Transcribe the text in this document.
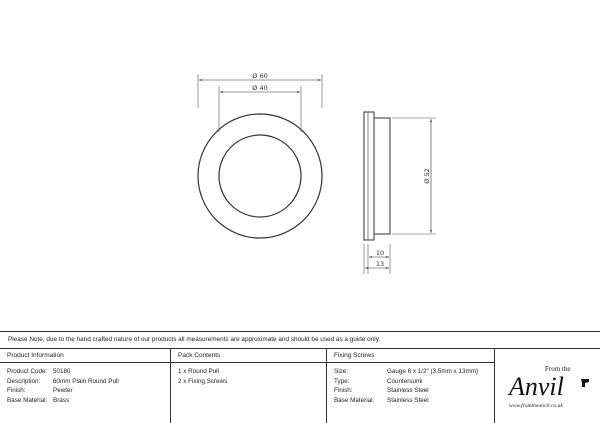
Ø 60
Ø 40
Ø 52
10
13
Please Note, due to the hand crafted nature of our products all measurements are approximate and should be used as a guide only.
Product Information
Product Code: 50180
Description: 60mm Plain Round Pull
Finish:	Pewter
Base Material: Brass
Pack Contents
1 x Round Pull
2 x Fixing Screws
Fixing Screws
Size:	Gauge 6 x 1/2" (3.5mm x 13mm)
Type:	Countersunk
Finish:	Stainless Steel
Base Material: Stainless Steel
From the
Anvil
www.fromtheanvil.co.uk
